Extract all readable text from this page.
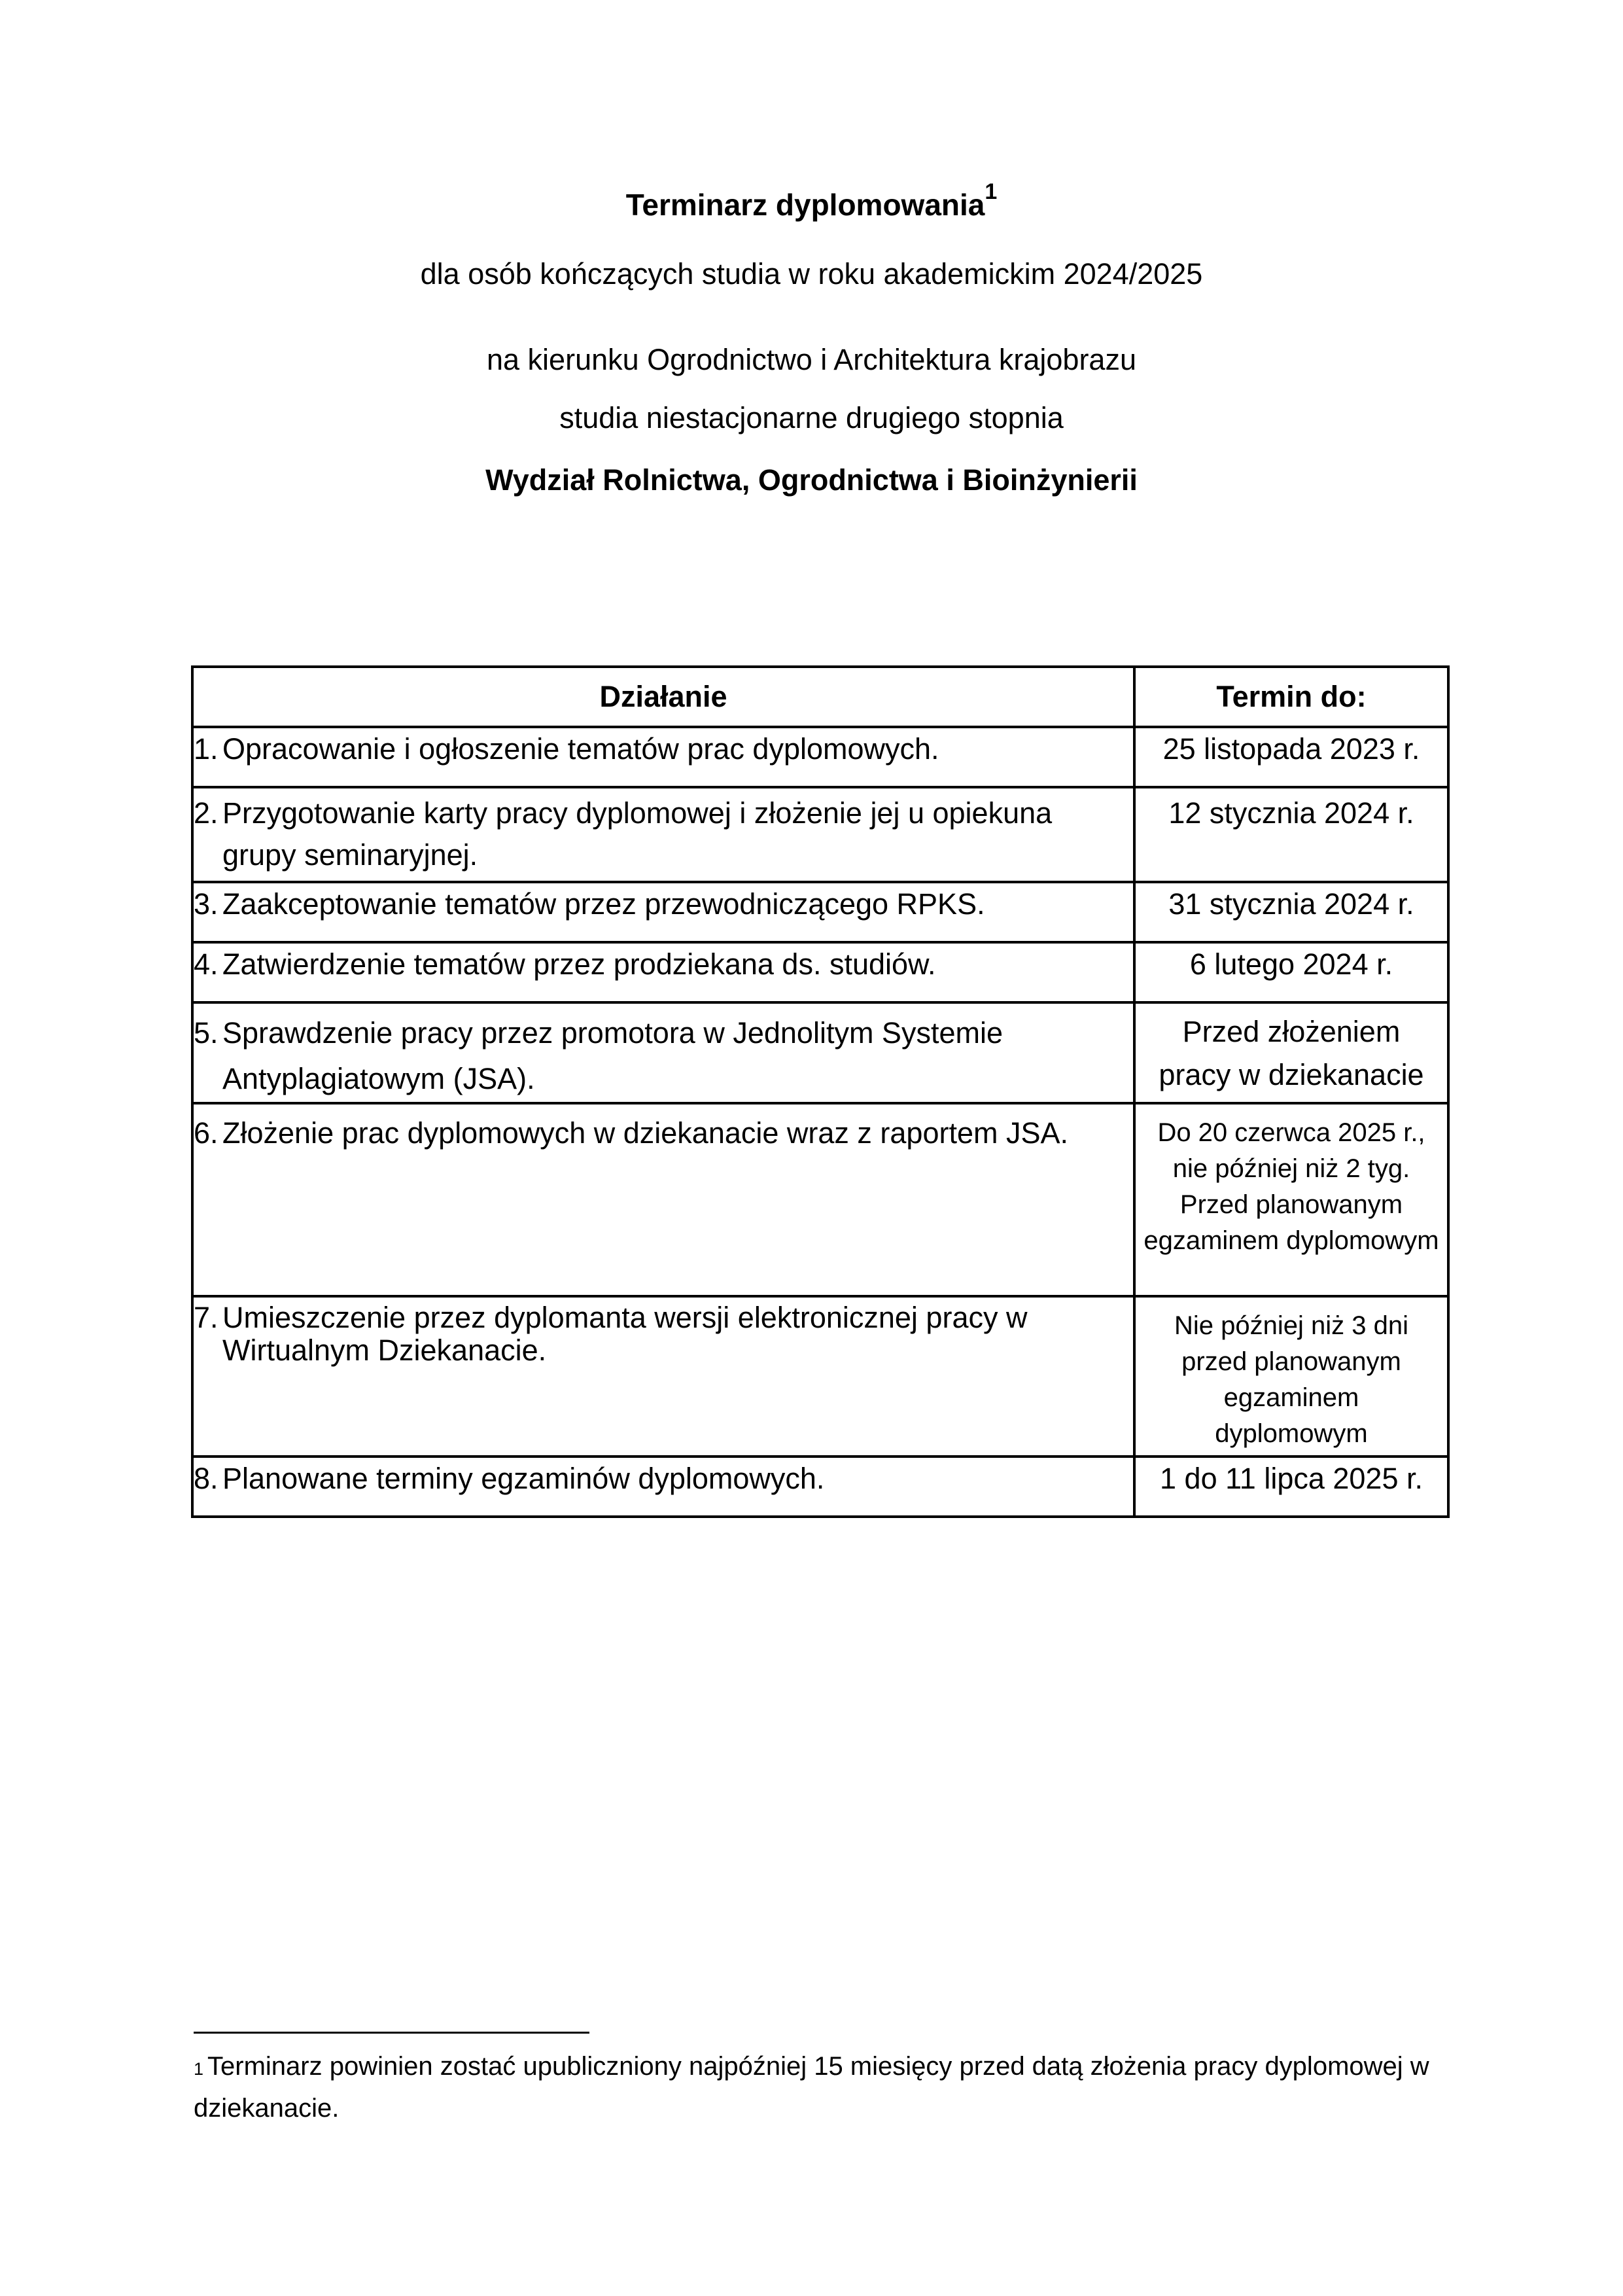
Terminarz dyplomowania$^1$
dla osób kończących studia w roku akademickim 2024/2025
na kierunku Ogrodnictwo i Architektura krajobrazu
studia niestacjonarne drugiego stopnia
Wydział Rolnictwa, Ogrodnictwa i Bioinżynierii
Działanie	Termin do:

1. Opracowanie i ogłoszenie tematów prac dyplomowych.	25 listopada 2023 r.

2. Przygotowanie karty pracy dyplomowej i złożenie jej u opiekuna grupy seminaryjnej.	12 stycznia 2024 r.

3. Zaakceptowanie tematów przez przewodniczącego RPKS.	31 stycznia 2024 r.

4. Zatwierdzenie tematów przez prodziekana ds. studiów.	6 lutego 2024 r.

5. Sprawdzenie pracy przez promotora w Jednolitym Systemie Antyplagiatowym (JSA).	Przed złożeniem pracy w dziekanacie

6. Złożenie prac dyplomowych w dziekanacie wraz z raportem JSA.	Do 20 czerwca 2025 r., nie później niż 2 tyg. Przed planowanym egzaminem dyplomowym

7. Umieszczenie przez dyplomanta wersji elektronicznej pracy w Wirtualnym Dziekanacie.	Nie później niż 3 dni przed planowanym egzaminem dyplomowym

8. Planowane terminy egzaminów dyplomowych.	1 do 11 lipca 2025 r.
1 Terminarz powinien zostać upubliczniony najpóźniej 15 miesięcy przed datą złożenia pracy dyplomowej w dziekanacie.
